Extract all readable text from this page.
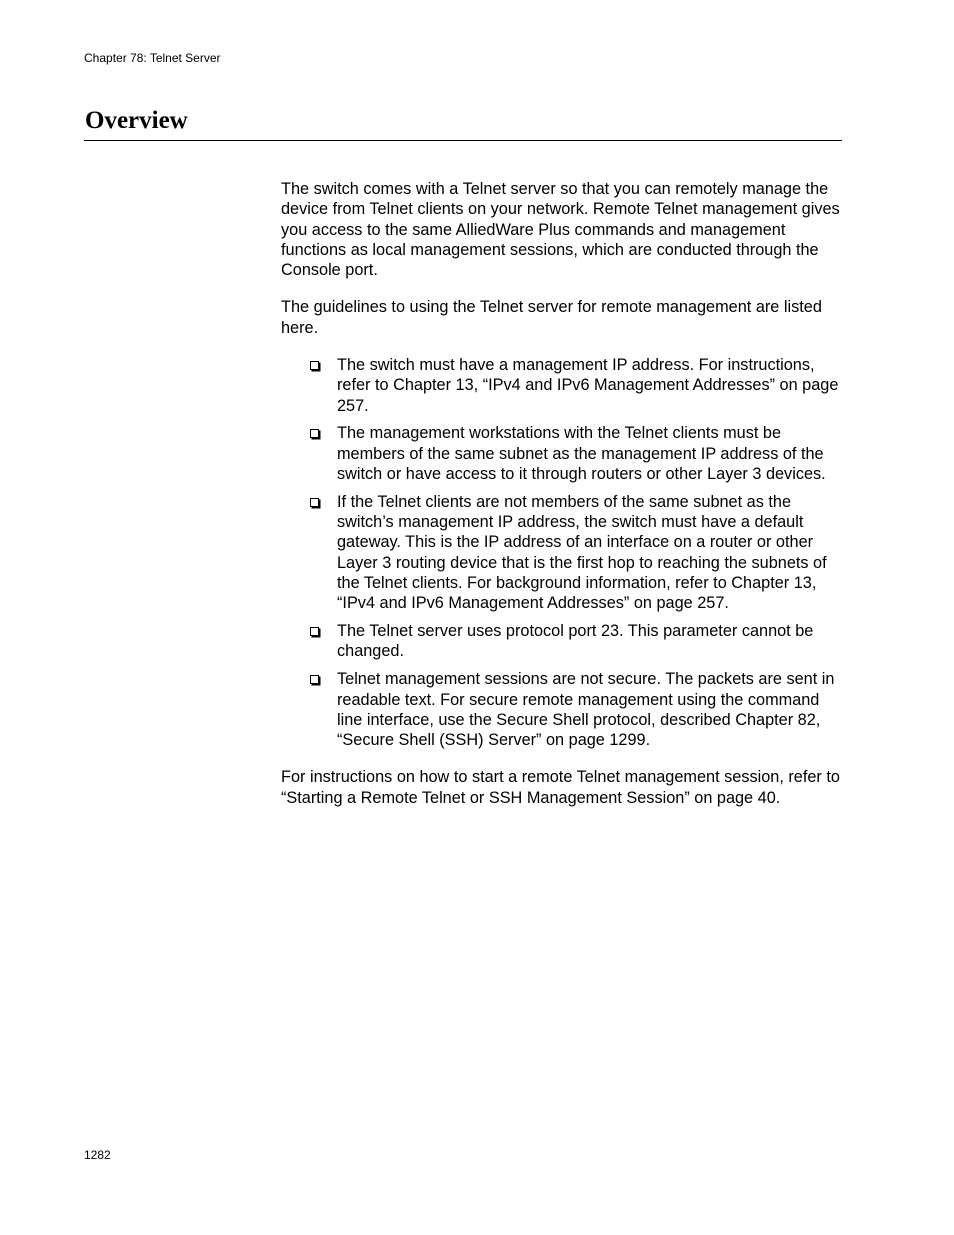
Chapter 78: Telnet Server
Overview

The switch comes with a Telnet server so that you can remotely manage the device from Telnet clients on your network. Remote Telnet management gives you access to the same AlliedWare Plus commands and management functions as local management sessions, which are conducted through the Console port.

The guidelines to using the Telnet server for remote management are listed here.

The switch must have a management IP address. For instructions, refer to Chapter 13, “IPv4 and IPv6 Management Addresses” on page 257.
The management workstations with the Telnet clients must be members of the same subnet as the management IP address of the switch or have access to it through routers or other Layer 3 devices.
If the Telnet clients are not members of the same subnet as the switch’s management IP address, the switch must have a default gateway. This is the IP address of an interface on a router or other Layer 3 routing device that is the first hop to reaching the subnets of the Telnet clients. For background information, refer to Chapter 13, “IPv4 and IPv6 Management Addresses” on page 257.
The Telnet server uses protocol port 23. This parameter cannot be changed.
Telnet management sessions are not secure. The packets are sent in readable text. For secure remote management using the command line interface, use the Secure Shell protocol, described Chapter 82, “Secure Shell (SSH) Server” on page 1299.

For instructions on how to start a remote Telnet management session, refer to “Starting a Remote Telnet or SSH Management Session” on page 40.

1282
